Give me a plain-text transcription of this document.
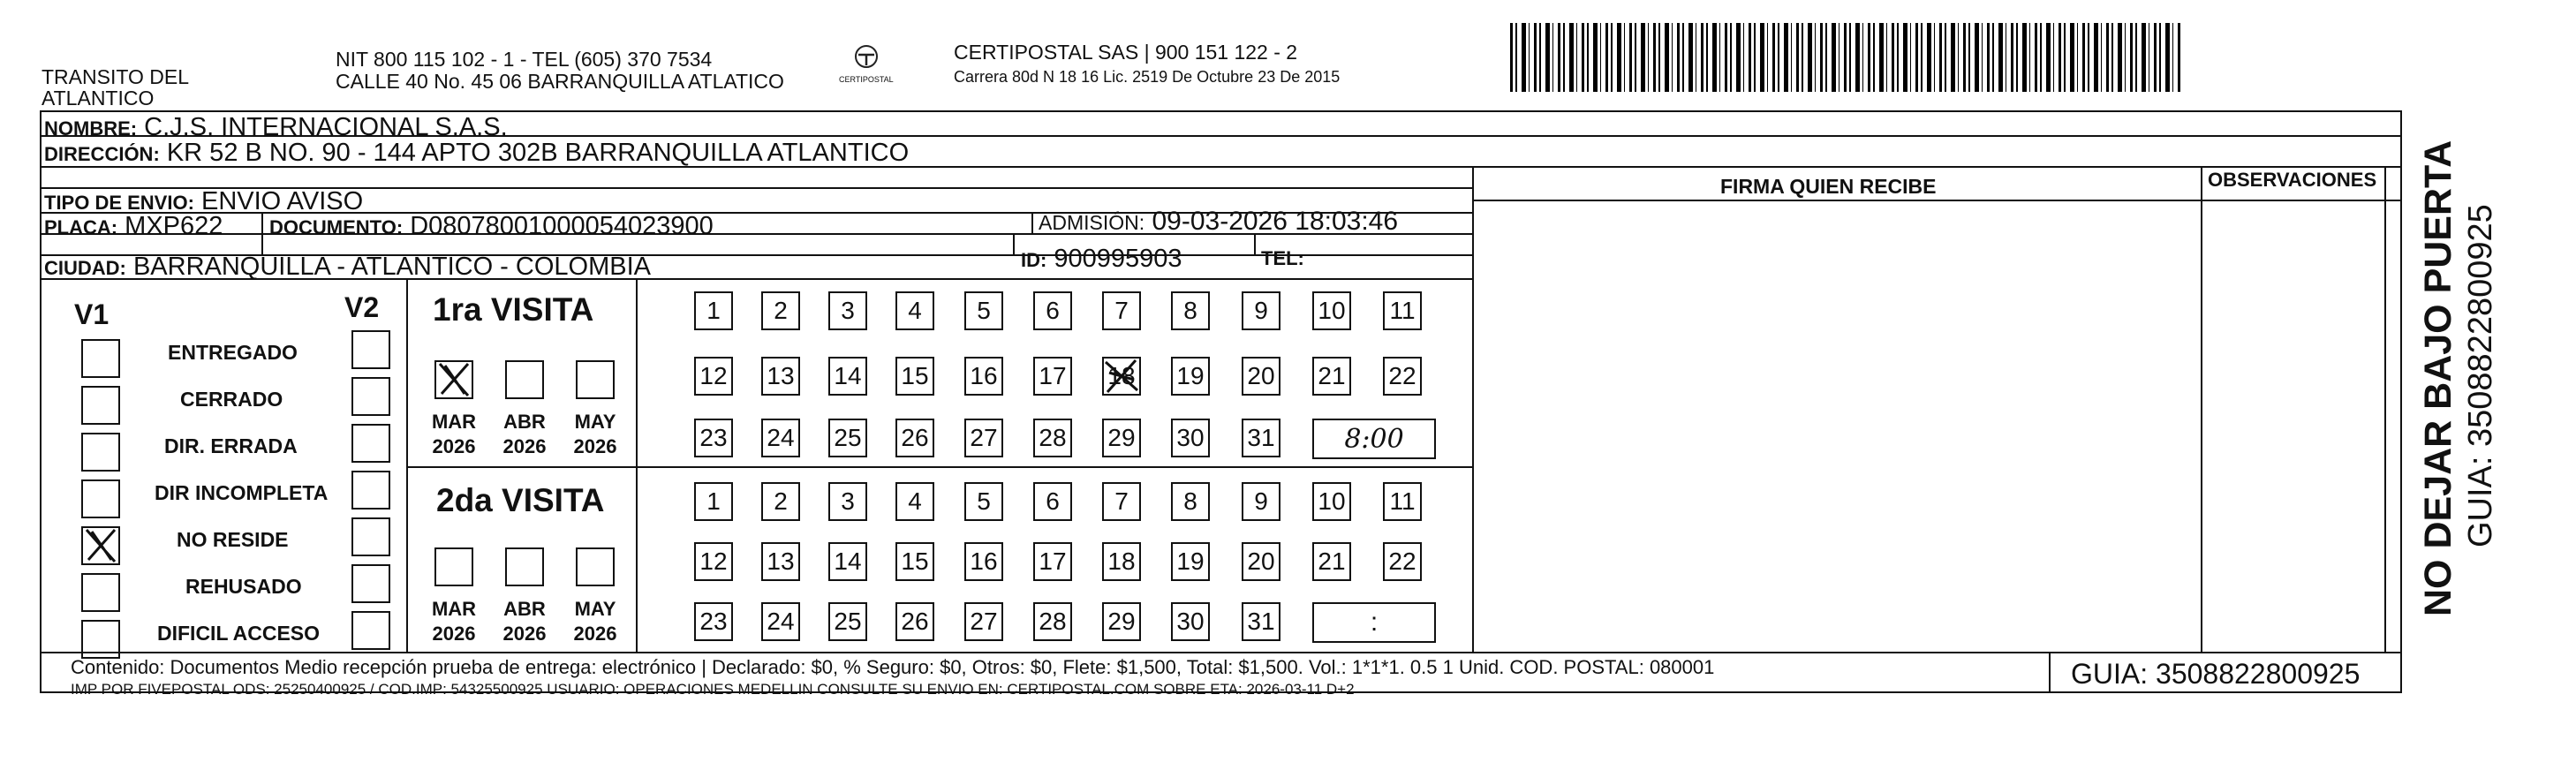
TRANSITO DEL
ATLANTICO
NIT 800 115 102 - 1 - TEL (605) 370 7534
CALLE 40 No. 45 06 BARRANQUILLA ATLATICO	CERTIPOSTAL
CERTIPOSTAL SAS | 900 151 122 - 2
Carrera 80d N 18 16 Lic. 2519 De Octubre 23 De 2015
NOMBRE: C.J.S. INTERNACIONAL S.A.S.
DIRECCIÓN: KR 52 B NO. 90 - 144 APTO 302B BARRANQUILLA ATLANTICO
TIPO DE ENVIO: ENVIO AVISO
PLACA: MXP622 DOCUMENTO: D08078001000054023900	ADMISIÓN: 09-03-2026 18:03:46
CIUDAD: BARRANQUILLA - ATLANTICO - COLOMBIA	ID: 900995903	TEL:
FIRMA QUIEN RECIBE	OBSERVACIONES
V1	V2
ENTREGADO
CERRADO
DIR. ERRADA
DIR INCOMPLETA
NO RESIDE
REHUSADO
DIFICIL ACCESO
1ra VISITA
2da VISITA
MAR
2026
ABR
2026
MAY
2026
MAR
2026
ABR
2026
MAY
2026
1	2	3	4	5	6	7	8	9	10 11
12 13 14 15 16 17 18 19 20 21 22
23 24 25 26 27 28 29 30 31	8:00
1	2	3	4	5	6	7	8	9	10 11
12 13 14 15 16 17 18 19 20 21 22
23 24 25 26 27 28 29 30 31	:
Contenido: Documentos Medio recepción prueba de entrega: electrónico | Declarado: $0, % Seguro: $0, Otros: $0, Flete: $1,500, Total: $1,500. Vol.: 1*1*1. 0.5 1 Unid. COD. POSTAL: 080001
IMP POR FIVEPOSTAL ODS: 25250400925 / COD.IMP: 54325500925 USUARIO: OPERACIONES MEDELLIN CONSULTE SU ENVIO EN: CERTIPOSTAL.COM SOBRE ETA: 2026-03-11 D+2	GUIA: 3508822800925
NO DEJAR BAJO PUERTA GUIA: 3508822800925
